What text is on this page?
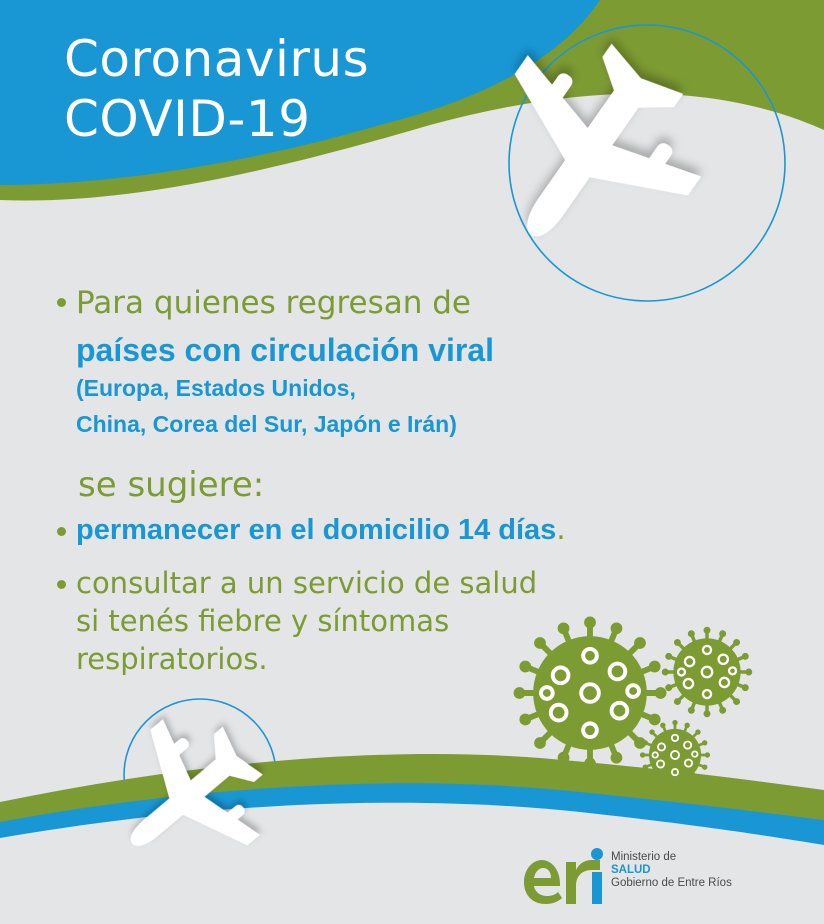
Coronavirus
COVID-19

Para quienes regresan de

países con circulación viral

(Europa, Estados Unidos,

China, Corea del Sur, Japón e Irán)

se sugiere:

permanecer en el domicilio 14 días.

consultar a un servicio de salud

si tenés fiebre y síntomas

respiratorios.

Ministerio de
SALUD
Gobierno de Entre Ríos
